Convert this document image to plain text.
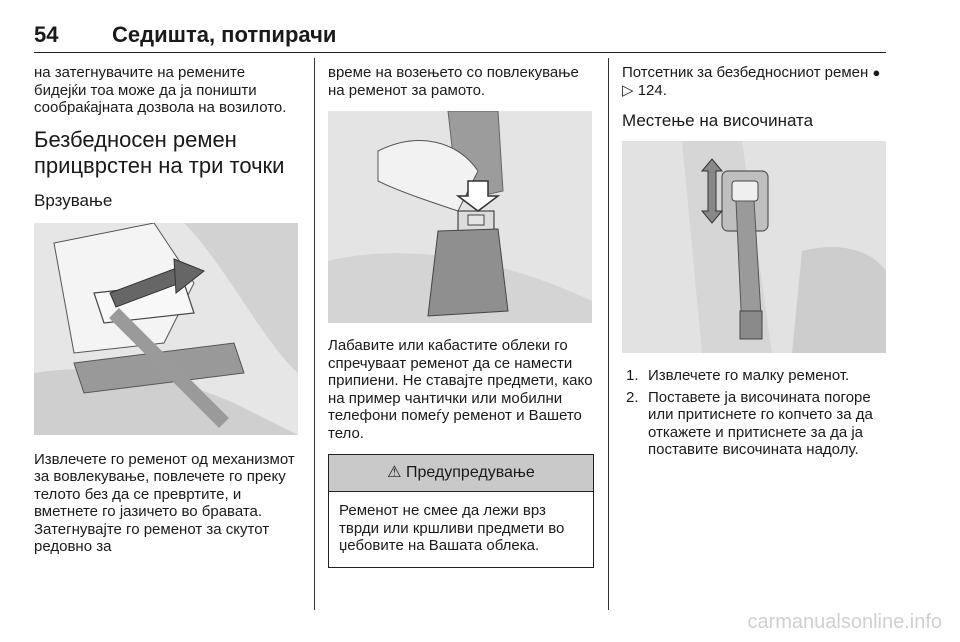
54 Седишта, потпирачи

на затегнувачите на ремените бидејќи тоа може да ја поништи сообраќајната дозвола на возилото.

Безбедносен ремен прицврстен на три точки
Врзување

Извлечете го ременот од механизмот за вовлекување, повлечете го преку телото без да се превртите, и вметнете го јазичето во бравата. Затегнувајте го ременот за скутот редовно за

време на возењето со повлекување на ременот за рамото.

Лабавите или кабастите облеки го спречуваат ременот да се намести припиени. Не ставајте предмети, како на пример чантички или мобилни телефони помеѓу ременот и Вашето тело.

⚠ Предупредување

Ременот не смее да лежи врз тврди или кршливи предмети во џебовите на Вашата облека.

Потсетник за безбедносниот ремен ● ▷ 124.

Местење на височината
1. Извлечете го малку ременот.
2. Поставете ја височината погоре или притиснете го копчето за да откажете и притиснете за да ја поставите височината надолу.
carmanualsonline.info
